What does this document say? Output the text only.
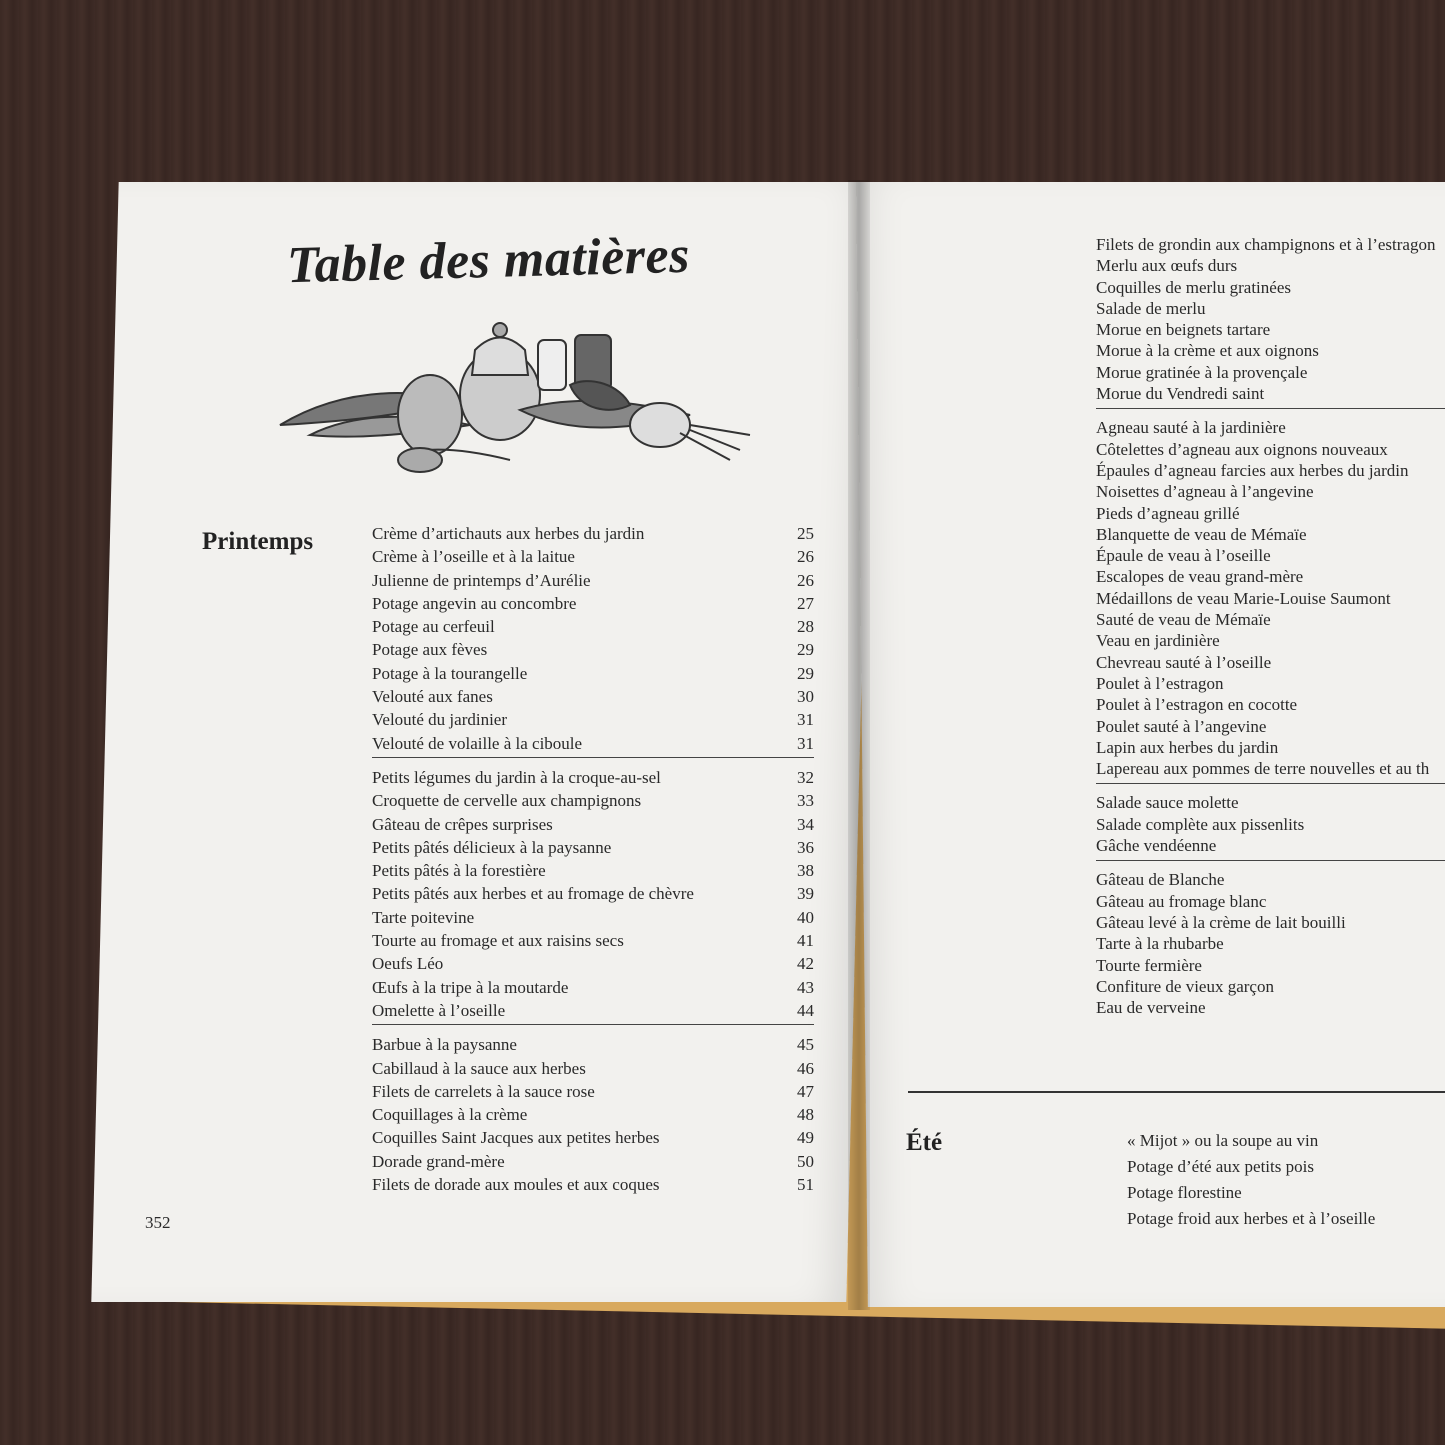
Table des matières
Printemps	Crème d’artichauts aux herbes du jardin	25
Crème à l’oseille et à la laitue	26
Julienne de printemps d’Aurélie	26
Potage angevin au concombre	27
Potage au cerfeuil	28
Potage aux fèves	29
Potage à la tourangelle	29
Velouté aux fanes	30
Velouté du jardinier	31
Velouté de volaille à la ciboule	31
Petits légumes du jardin à la croque-au-sel	32
Croquette de cervelle aux champignons	33
Gâteau de crêpes surprises	34
Petits pâtés délicieux à la paysanne	36
Petits pâtés à la forestière	38
Petits pâtés aux herbes et au fromage de chèvre	39
Tarte poitevine	40
Tourte au fromage et aux raisins secs	41
Oeufs Léo	42
Œufs à la tripe à la moutarde	43
Omelette à l’oseille	44
Barbue à la paysanne	45
Cabillaud à la sauce aux herbes	46
Filets de carrelets à la sauce rose	47
Coquillages à la crème	48
Coquilles Saint Jacques aux petites herbes	49
Dorade grand-mère	50
Filets de dorade aux moules et aux coques	51
352
Filets de grondin aux champignons et à l’estragon
Merlu aux œufs durs
Coquilles de merlu gratinées
Salade de merlu
Morue en beignets tartare
Morue à la crème et aux oignons
Morue gratinée à la provençale
Morue du Vendredi saint
Agneau sauté à la jardinière
Côtelettes d’agneau aux oignons nouveaux
Épaules d’agneau farcies aux herbes du jardin
Noisettes d’agneau à l’angevine
Pieds d’agneau grillé
Blanquette de veau de Mémaïe
Épaule de veau à l’oseille
Escalopes de veau grand-mère
Médaillons de veau Marie-Louise Saumont
Sauté de veau de Mémaïe
Veau en jardinière
Chevreau sauté à l’oseille
Poulet à l’estragon
Poulet à l’estragon en cocotte
Poulet sauté à l’angevine
Lapin aux herbes du jardin
Lapereau aux pommes de terre nouvelles et au th
Salade sauce molette
Salade complète aux pissenlits
Gâche vendéenne
Gâteau de Blanche
Gâteau au fromage blanc
Gâteau levé à la crème de lait bouilli
Tarte à la rhubarbe
Tourte fermière
Confiture de vieux garçon
Eau de verveine
Été	« Mijot » ou la soupe au vin
Potage d’été aux petits pois
Potage florestine
Potage froid aux herbes et à l’oseille
